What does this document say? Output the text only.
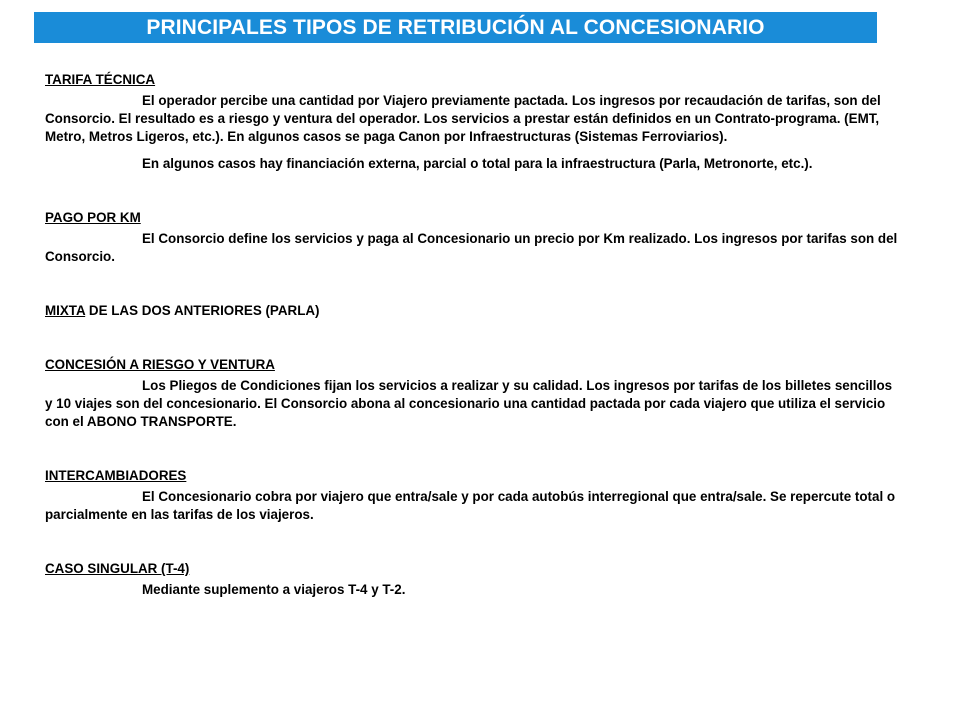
PRINCIPALES TIPOS DE RETRIBUCIÓN AL CONCESIONARIO

TARIFA TÉCNICA

El operador percibe una cantidad por Viajero previamente pactada. Los ingresos por recaudación de tarifas, son del Consorcio. El resultado es a riesgo y ventura del operador. Los servicios a prestar están definidos en un Contrato-programa. (EMT, Metro, Metros Ligeros, etc.). En algunos casos se paga Canon por Infraestructuras (Sistemas Ferroviarios).

En algunos casos hay financiación externa, parcial o total para la infraestructura (Parla, Metronorte, etc.).

PAGO POR KM

El Consorcio define los servicios y paga al Concesionario un precio por Km realizado. Los ingresos por tarifas son del Consorcio.

MIXTA DE LAS DOS ANTERIORES (PARLA)

CONCESIÓN A RIESGO Y VENTURA

Los Pliegos de Condiciones fijan los servicios a realizar y su calidad. Los ingresos por tarifas de los billetes sencillos y 10 viajes son del concesionario. El Consorcio abona al concesionario una cantidad pactada por cada viajero que utiliza el servicio con el ABONO TRANSPORTE.

INTERCAMBIADORES

El Concesionario cobra por viajero que entra/sale y por cada autobús interregional que entra/sale. Se repercute total o parcialmente en las tarifas de los viajeros.

CASO SINGULAR (T-4)

Mediante suplemento a viajeros T-4 y T-2.
